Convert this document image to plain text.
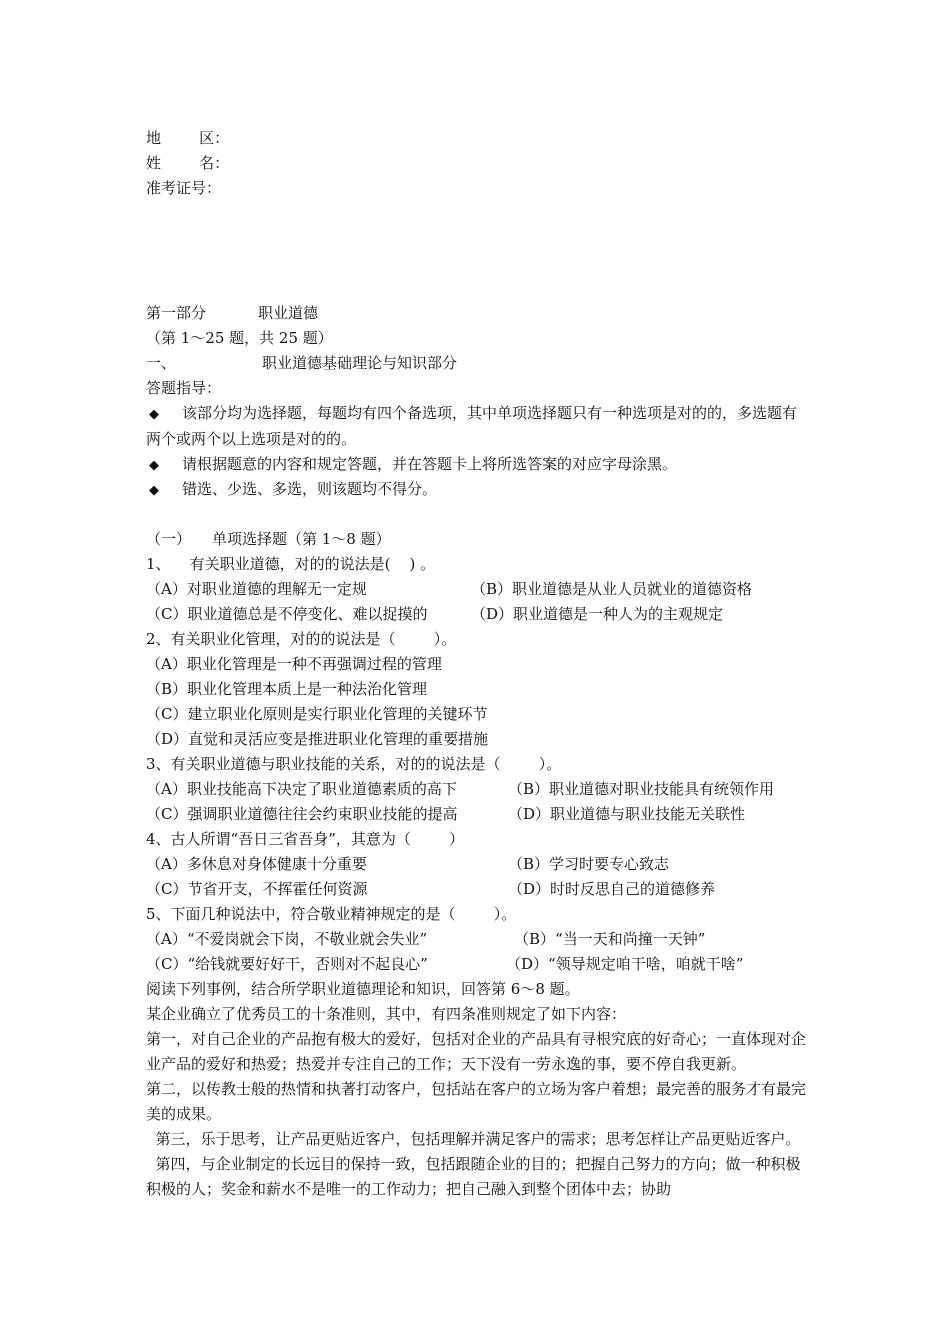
地        区：
姓        名：
准考证号：
第一部分	职业道德
（第 1～25 题，共 25 题）
一、	职业道德基础理论与知识部分
答题指导：
◆ 该部分均为选择题，每题均有四个备选项，其中单项选择题只有一种选项是对的的，多选题有两个或两个以上选项是对的的。
◆ 请根据题意的内容和规定答题，并在答题卡上将所选答案的对应字母涂黑。
◆ 错选、少选、多选，则该题均不得分。
（一） 单项选择题（第 1～8 题）
1、    有关职业道德，对的的说法是(    ) 。
（A）对职业道德的理解无一定规	（B）职业道德是从业人员就业的道德资格
（C）职业道德总是不停变化、难以捉摸的	（D）职业道德是一种人为的主观规定
2、有关职业化管理，对的的说法是（        ）。
（A）职业化管理是一种不再强调过程的管理
（B）职业化管理本质上是一种法治化管理
（C）建立职业化原则是实行职业化管理的关键环节
（D）直觉和灵活应变是推进职业化管理的重要措施
3、有关职业道德与职业技能的关系，对的的说法是（        ）。
（A）职业技能高下决定了职业道德素质的高下	（B）职业道德对职业技能具有统领作用
（C）强调职业道德往往会约束职业技能的提高	（D）职业道德与职业技能无关联性
4、古人所谓“吾日三省吾身”，其意为（        ）
（A）多休息对身体健康十分重要	（B）学习时要专心致志
（C）节省开支，不挥霍任何资源	（D）时时反思自己的道德修养
5、下面几种说法中，符合敬业精神规定的是（        ）。
（A）“不爱岗就会下岗，不敬业就会失业”	（B）“当一天和尚撞一天钟”
（C）“给钱就要好好干，否则对不起良心”	（D）“领导规定咱干啥，咱就干啥”
阅读下列事例，结合所学职业道德理论和知识，回答第 6～8 题。
某企业确立了优秀员工的十条准则，其中，有四条准则规定了如下内容：
第一，对自己企业的产品抱有极大的爱好，包括对企业的产品具有寻根究底的好奇心；一直体现对企业产品的爱好和热爱；热爱并专注自己的工作；天下没有一劳永逸的事，要不停自我更新。
第二，以传教士般的热情和执著打动客户，包括站在客户的立场为客户着想；最完善的服务才有最完美的成果。
第三，乐于思考，让产品更贴近客户，包括理解并满足客户的需求；思考怎样让产品更贴近客户。
第四，与企业制定的长远目的保持一致，包括跟随企业的目的；把握自己努力的方向；做一种积极积极的人；奖金和薪水不是唯一的工作动力；把自己融入到整个团体中去；协助
